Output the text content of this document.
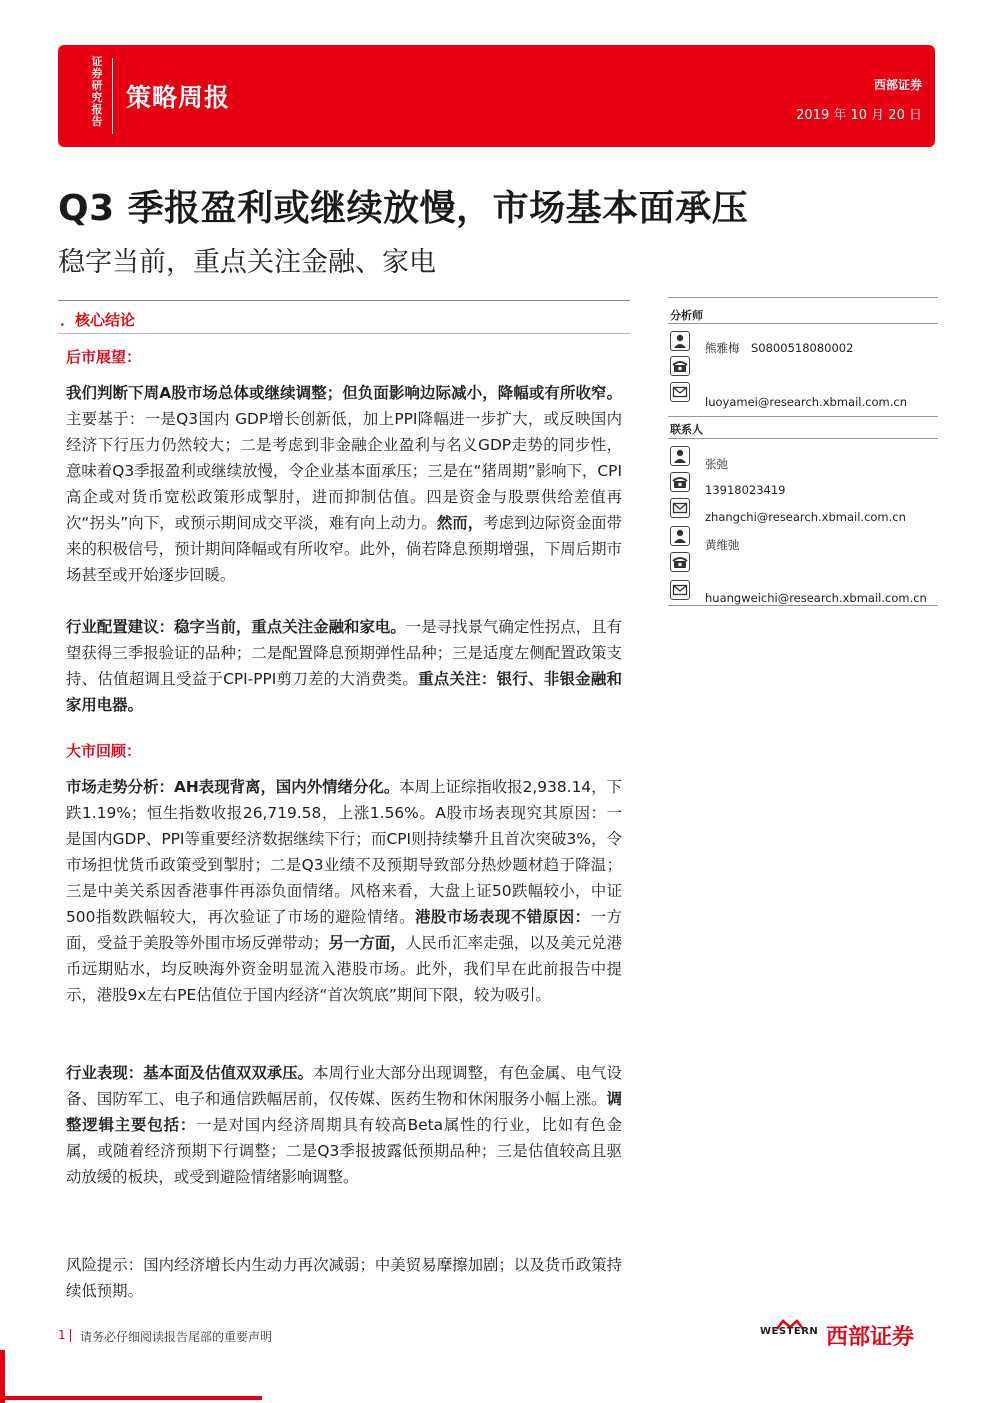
证券研究报告
策略周报	西部证券
2019 年 10 月 20 日
Q3 季报盈利或继续放慢，市场基本面承压
稳字当前，重点关注金融、家电
．核心结论
后市展望：

我们判断下周A股市场总体或继续调整；但负面影响边际减小，降幅或有所收窄。主要基于：一是Q3国内 GDP增长创新低，加上PPI降幅进一步扩大，或反映国内经济下行压力仍然较大；二是考虑到非金融企业盈利与名义GDP走势的同步性，意味着Q3季报盈利或继续放慢，令企业基本面承压；三是在“猪周期”影响下，CPI高企或对货币宽松政策形成掣肘，进而抑制估值。四是资金与股票供给差值再次“拐头”向下，或预示期间成交平淡，难有向上动力。然而，考虑到边际资金面带来的积极信号，预计期间降幅或有所收窄。此外，倘若降息预期增强，下周后期市场甚至或开始逐步回暖。

行业配置建议：稳字当前，重点关注金融和家电。一是寻找景气确定性拐点，且有望获得三季报验证的品种；二是配置降息预期弹性品种；三是适度左侧配置政策支持、估值超调且受益于CPI-PPI剪刀差的大消费类。重点关注：银行、非银金融和家用电器。

大市回顾：

市场走势分析：AH表现背离，国内外情绪分化。本周上证综指收报2,938.14，下跌1.19%；恒生指数收报26,719.58，上涨1.56%。A股市场表现究其原因：一是国内GDP、PPI等重要经济数据继续下行；而CPI则持续攀升且首次突破3%，令市场担忧货币政策受到掣肘；二是Q3业绩不及预期导致部分热炒题材趋于降温；三是中美关系因香港事件再添负面情绪。风格来看，大盘上证50跌幅较小，中证500指数跌幅较大，再次验证了市场的避险情绪。港股市场表现不错原因：一方面，受益于美股等外围市场反弹带动；另一方面，人民币汇率走强，以及美元兑港币远期贴水，均反映海外资金明显流入港股市场。此外，我们早在此前报告中提示，港股9x左右PE估值位于国内经济“首次筑底”期间下限，较为吸引。

行业表现：基本面及估值双双承压。本周行业大部分出现调整，有色金属、电气设备、国防军工、电子和通信跌幅居前，仅传媒、医药生物和休闲服务小幅上涨。调整逻辑主要包括：一是对国内经济周期具有较高Beta属性的行业，比如有色金属，或随着经济预期下行调整；二是Q3季报披露低预期品种；三是估值较高且驱动放缓的板块，或受到避险情绪影响调整。

风险提示：国内经济增长内生动力再次减弱；中美贸易摩擦加剧；以及货币政策持续低预期。

分析师
熊雅梅　S0800518080002
luoyamei@research.xbmail.com.cn
联系人
张弛
13918023419
zhangchi@research.xbmail.com.cn
黄维弛
huangweichi@research.xbmail.com.cn
1 请务必仔细阅读报告尾部的重要声明	WESTERN 西部证券
